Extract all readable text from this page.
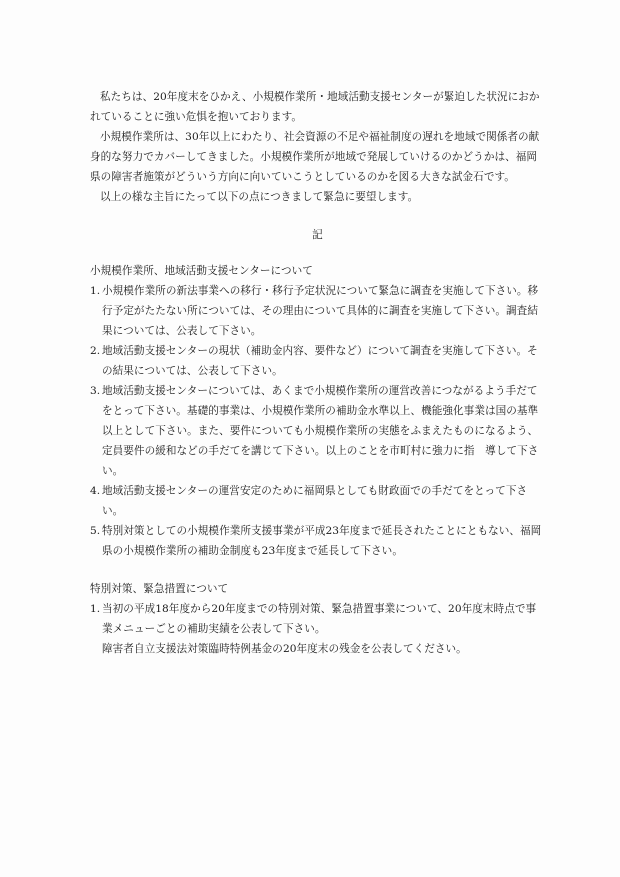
私たちは、20年度末をひかえ、小規模作業所・地域活動支援センターが緊迫した状況におかれていることに強い危惧を抱いております。

小規模作業所は、30年以上にわたり、社会資源の不足や福祉制度の遅れを地域で関係者の献身的な努力でカバーしてきました。小規模作業所が地域で発展していけるのかどうかは、福岡県の障害者施策がどういう方向に向いていこうとしているのかを図る大きな試金石です。

以上の様な主旨にたって以下の点につきまして緊急に要望します。

記

小規模作業所、地域活動支援センターについて

1. 小規模作業所の新法事業への移行・移行予定状況について緊急に調査を実施して下さい。移行予定がたたない所については、その理由について具体的に調査を実施して下さい。調査結果については、公表して下さい。
2. 地域活動支援センターの現状（補助金内容、要件など）について調査を実施して下さい。その結果については、公表して下さい。
3. 地域活動支援センターについては、あくまで小規模作業所の運営改善につながるよう手だてをとって下さい。基礎的事業は、小規模作業所の補助金水準以上、機能強化事業は国の基準以上として下さい。また、要件についても小規模作業所の実態をふまえたものになるよう、定員要件の緩和などの手だてを講じて下さい。以上のことを市町村に強力に指　導して下さい。
4. 地域活動支援センターの運営安定のために福岡県としても財政面での手だてをとって下さい。
5. 特別対策としての小規模作業所支援事業が平成23年度まで延長されたことにともない、福岡県の小規模作業所の補助金制度も23年度まで延長して下さい。

特別対策、緊急措置について

1. 当初の平成18年度から20年度までの特別対策、緊急措置事業について、20年度末時点で事業メニューごとの補助実績を公表して下さい。
障害者自立支援法対策臨時特例基金の20年度末の残金を公表してください。
